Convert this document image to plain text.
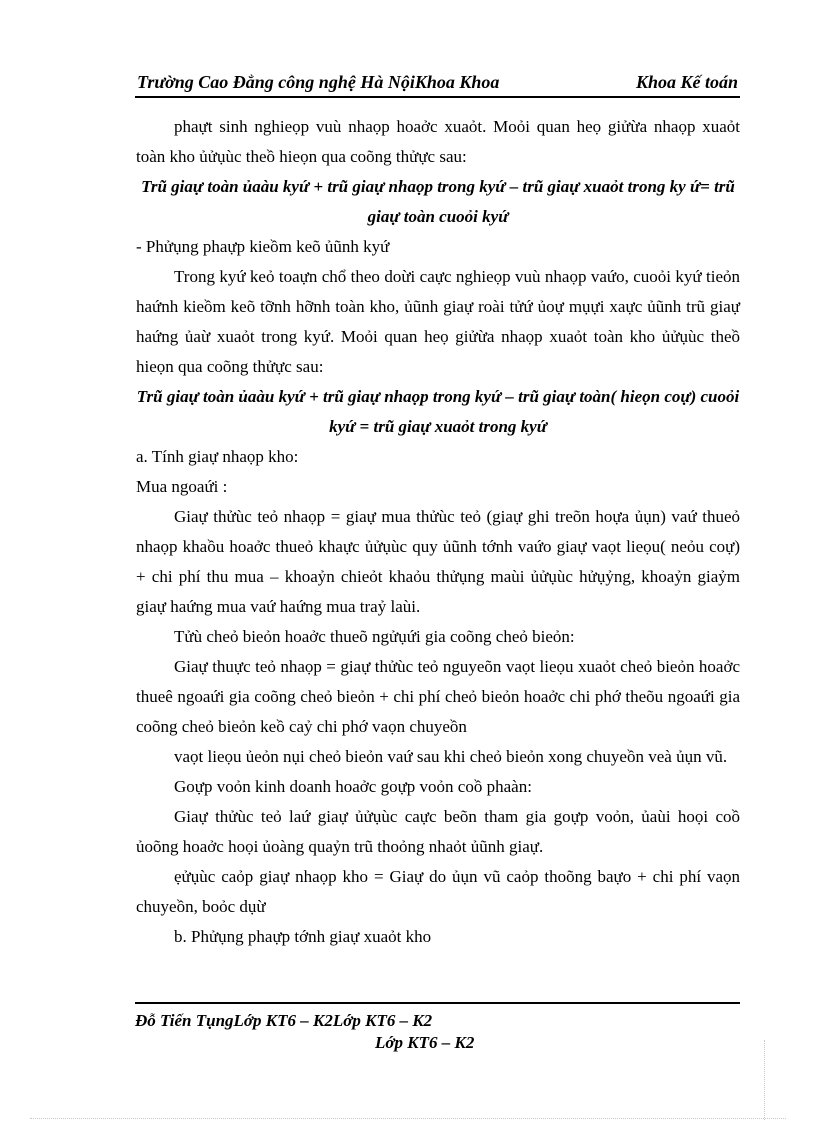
Trường Cao Đẳng công nghệ Hà NộiKhoa Khoa	Khoa Kế toán

phaựt sinh nghieọp vuù nhaọp hoaởc xuaỏt. Moỏi quan heọ giửừa nhaọp xuaỏt toàn kho ủửụùc theồ hieọn qua coõng thửực sau:

Trũ giaự toàn ủaàu kyứ + trũ giaự nhaọp trong kyứ – trũ giaự xuaỏt trong ky ứ= trũ giaự toàn cuoỏi kyứ

- Phửụng phaựp kieồm keõ ủũnh kyứ

Trong kyứ keỏ toaựn chổ theo doừi caực nghieọp vuù nhaọp vaứo, cuoỏi kyứ tieỏn haứnh kieồm keõ tỡnh hỡnh toàn kho, ủũnh giaự roài tửứ ủoự mụựi xaực ủũnh trũ giaự haứng ủaừ xuaỏt trong kyứ. Moỏi quan heọ giửừa nhaọp xuaỏt toàn kho ủửụùc theồ hieọn qua coõng thửực sau:

Trũ giaự toàn ủaàu kyứ + trũ giaự nhaọp trong kyứ – trũ giaự toàn( hieọn coự) cuoỏi kyứ = trũ giaự xuaỏt trong kyứ

a. Tính giaự nhaọp kho:

Mua ngoaứi :

Giaự thửùc teỏ nhaọp = giaự mua thửùc teỏ (giaự ghi treõn hoựa ủụn) vaứ thueỏ nhaọp khaồu hoaởc thueỏ khaực ủửụùc quy ủũnh tớnh vaứo giaự vaọt lieọu( neỏu coự) + chi phí thu mua – khoaỷn chieỏt khaỏu thửụng maùi ủửụùc hửụỷng, khoaỷn giaỷm giaự haứng mua vaứ haứng mua traỷ laùi.

Tửù cheỏ bieỏn hoaởc thueõ ngửụứi gia coõng cheỏ bieỏn:

Giaự thuực teỏ nhaọp = giaự thửùc teỏ nguyeõn vaọt lieọu xuaỏt cheỏ bieỏn hoaởc thueê ngoaứi gia coõng cheỏ bieỏn + chi phí cheỏ bieỏn hoaởc chi phớ theõu ngoaứi gia coõng cheỏ bieỏn keồ caỷ chi phớ vaọn chuyeồn

vaọt lieọu ủeỏn nụi cheỏ bieỏn vaứ sau khi cheỏ bieỏn xong chuyeồn veà ủụn vũ.

Goựp voỏn kinh doanh hoaởc goựp voỏn coồ phaàn:

Giaự thửùc teỏ laứ giaự ủửụùc caực beõn tham gia goựp voỏn, ủaùi hoọi coồ ủoõng hoaởc hoọi ủoàng quaỷn trũ thoỏng nhaỏt ủũnh giaự.

ẹửụùc caỏp giaự nhaọp kho = Giaự do ủụn vũ caỏp thoõng baựo + chi phí vaọn chuyeồn, boỏc dụừ

b. Phửụng phaựp tớnh giaự xuaỏt kho

Đỗ Tiến TụngLớp KT6 – K2Lớp KT6 – K2
Lớp KT6 – K2
